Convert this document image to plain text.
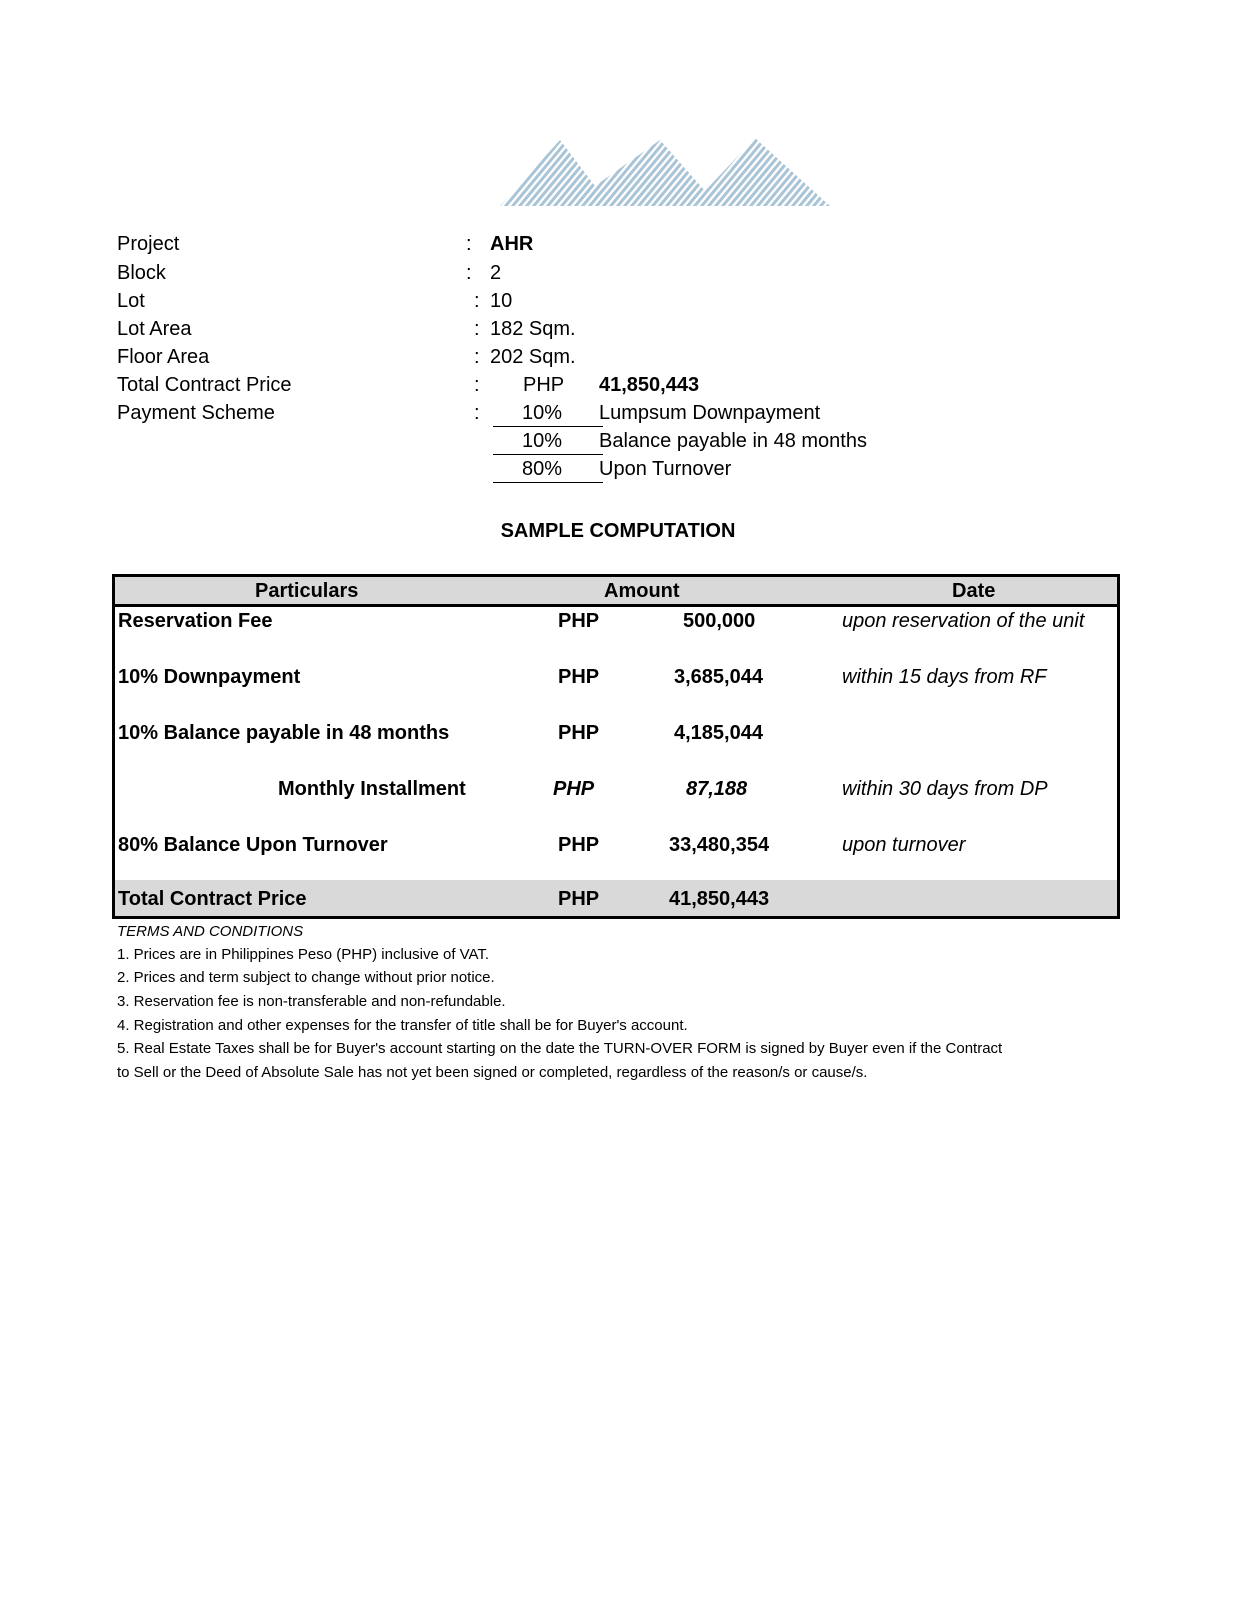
Project	: AHR
Block	: 2
Lot	: 10
Lot Area	: 182 Sqm.
Floor Area	: 202 Sqm.
Total Contract Price	: PHP 41,850,443
Payment Scheme	: 10% Lumpsum Downpayment
10% Balance payable in 48 months
80% Upon Turnover
SAMPLE COMPUTATION
Particulars	Amount	Date
Reservation Fee	PHP	500,000	upon reservation of the unit
10% Downpayment	PHP	3,685,044	within 15 days from RF
10% Balance payable in 48 months	PHP	4,185,044
Monthly Installment	PHP	87,188	within 30 days from DP
80% Balance Upon Turnover	PHP	33,480,354	upon turnover
Total Contract Price	PHP	41,850,443
TERMS AND CONDITIONS
1. Prices are in Philippines Peso (PHP) inclusive of VAT.
2. Prices and term subject to change without prior notice.
3. Reservation fee is non-transferable and non-refundable.
4. Registration and other expenses for the transfer of title shall be for Buyer's account.
5. Real Estate Taxes shall be for Buyer's account starting on the date the TURN-OVER FORM is signed by Buyer even if the Contract
to Sell or the Deed of Absolute Sale has not yet been signed or completed, regardless of the reason/s or cause/s.
